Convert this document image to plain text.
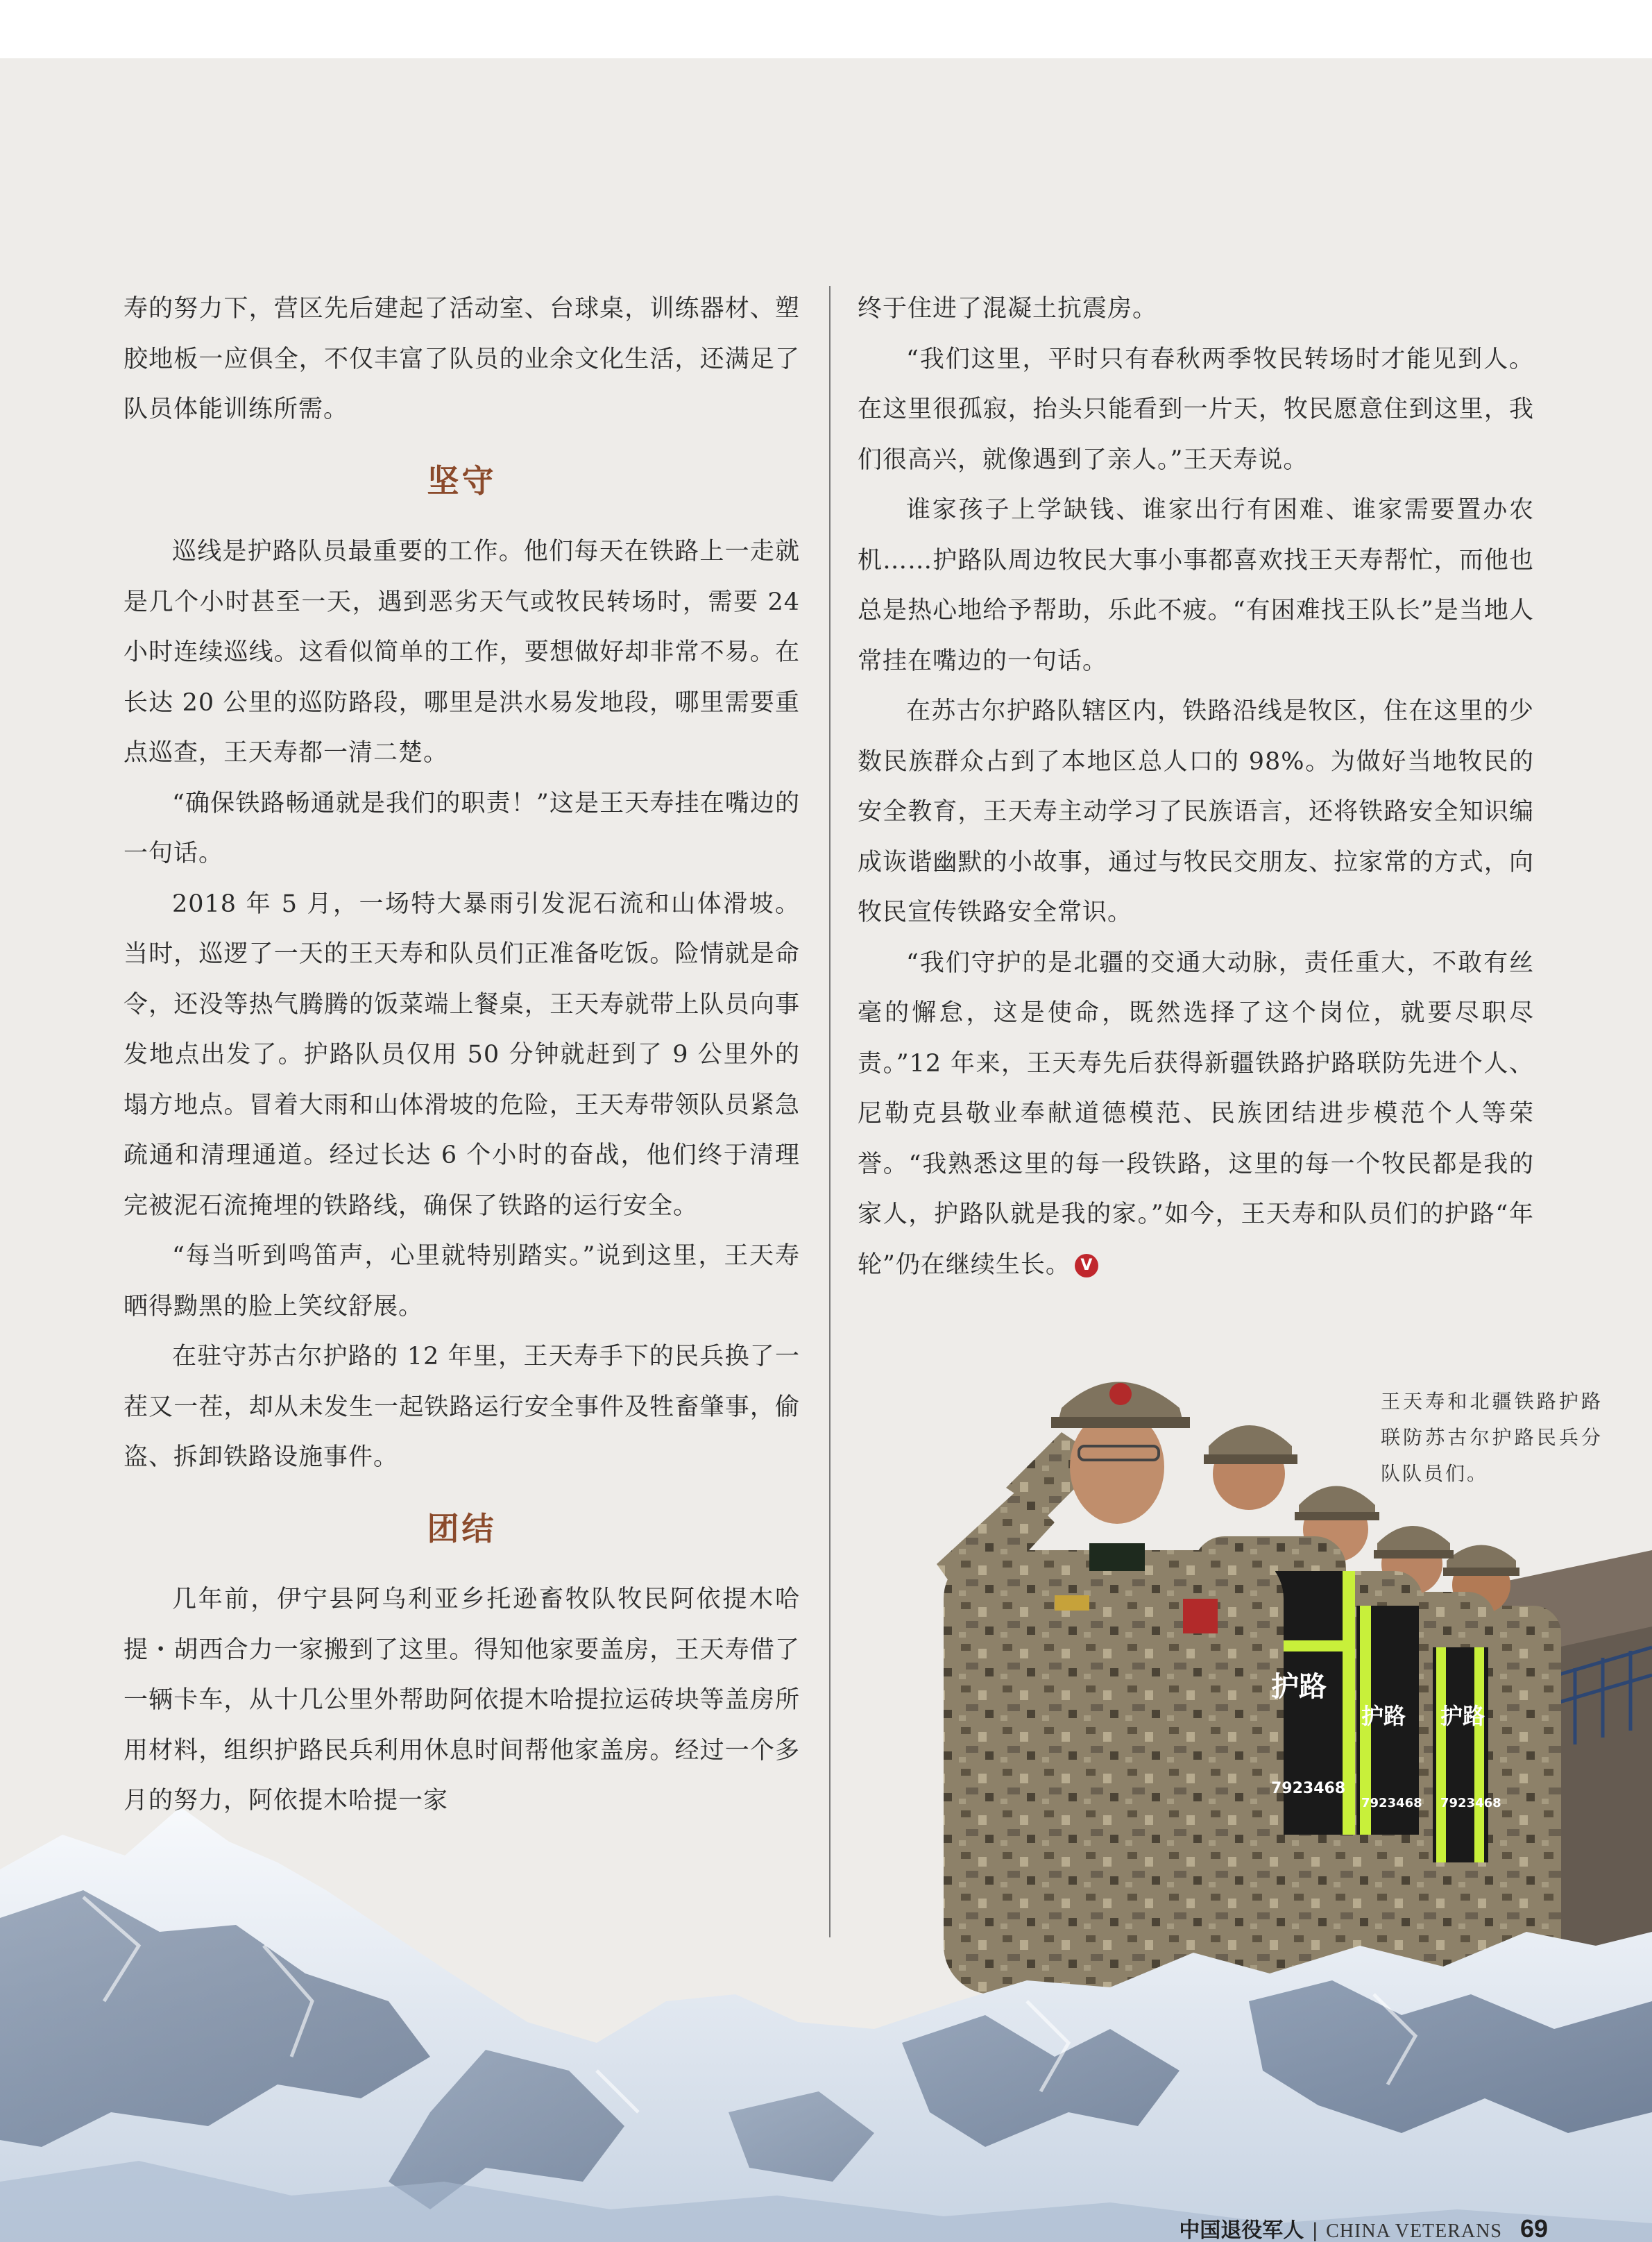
护路
7923468
护路
7923468
护路
7923468

寿的努力下，营区先后建起了活动室、台球桌，训练器材、塑胶地板一应俱全，不仅丰富了队员的业余文化生活，还满足了队员体能训练所需。

坚守

巡线是护路队员最重要的工作。他们每天在铁路上一走就是几个小时甚至一天，遇到恶劣天气或牧民转场时，需要 24 小时连续巡线。这看似简单的工作，要想做好却非常不易。在长达 20 公里的巡防路段，哪里是洪水易发地段，哪里需要重点巡查，王天寿都一清二楚。

“确保铁路畅通就是我们的职责！”这是王天寿挂在嘴边的一句话。

2018 年 5 月，一场特大暴雨引发泥石流和山体滑坡。当时，巡逻了一天的王天寿和队员们正准备吃饭。险情就是命令，还没等热气腾腾的饭菜端上餐桌，王天寿就带上队员向事发地点出发了。护路队员仅用 50 分钟就赶到了 9 公里外的塌方地点。冒着大雨和山体滑坡的危险，王天寿带领队员紧急疏通和清理通道。经过长达 6 个小时的奋战，他们终于清理完被泥石流掩埋的铁路线，确保了铁路的运行安全。

“每当听到鸣笛声，心里就特别踏实。”说到这里，王天寿晒得黝黑的脸上笑纹舒展。

在驻守苏古尔护路的 12 年里，王天寿手下的民兵换了一茬又一茬，却从未发生一起铁路运行安全事件及牲畜肇事，偷盗、拆卸铁路设施事件。

团结

几年前，伊宁县阿乌利亚乡托逊畜牧队牧民阿依提木哈提・胡西合力一家搬到了这里。得知他家要盖房，王天寿借了一辆卡车，从十几公里外帮助阿依提木哈提拉运砖块等盖房所用材料，组织护路民兵利用休息时间帮他家盖房。经过一个多月的努力，阿依提木哈提一家

终于住进了混凝土抗震房。

“我们这里，平时只有春秋两季牧民转场时才能见到人。在这里很孤寂，抬头只能看到一片天，牧民愿意住到这里，我们很高兴，就像遇到了亲人。”王天寿说。

谁家孩子上学缺钱、谁家出行有困难、谁家需要置办农机……护路队周边牧民大事小事都喜欢找王天寿帮忙，而他也总是热心地给予帮助，乐此不疲。“有困难找王队长”是当地人常挂在嘴边的一句话。

在苏古尔护路队辖区内，铁路沿线是牧区，住在这里的少数民族群众占到了本地区总人口的 98%。为做好当地牧民的安全教育，王天寿主动学习了民族语言，还将铁路安全知识编成诙谐幽默的小故事，通过与牧民交朋友、拉家常的方式，向牧民宣传铁路安全常识。

“我们守护的是北疆的交通大动脉，责任重大，不敢有丝毫的懈怠，这是使命，既然选择了这个岗位，就要尽职尽责。”12 年来，王天寿先后获得新疆铁路护路联防先进个人、尼勒克县敬业奉献道德模范、民族团结进步模范个人等荣誉。“我熟悉这里的每一段铁路，这里的每一个牧民都是我的家人，护路队就是我的家。”如今，王天寿和队员们的护路“年轮”仍在继续生长。 V

王天寿和北疆铁路护路联防苏古尔护路民兵分队队员们。
中国退役军人 | CHINA VETERANS 69
